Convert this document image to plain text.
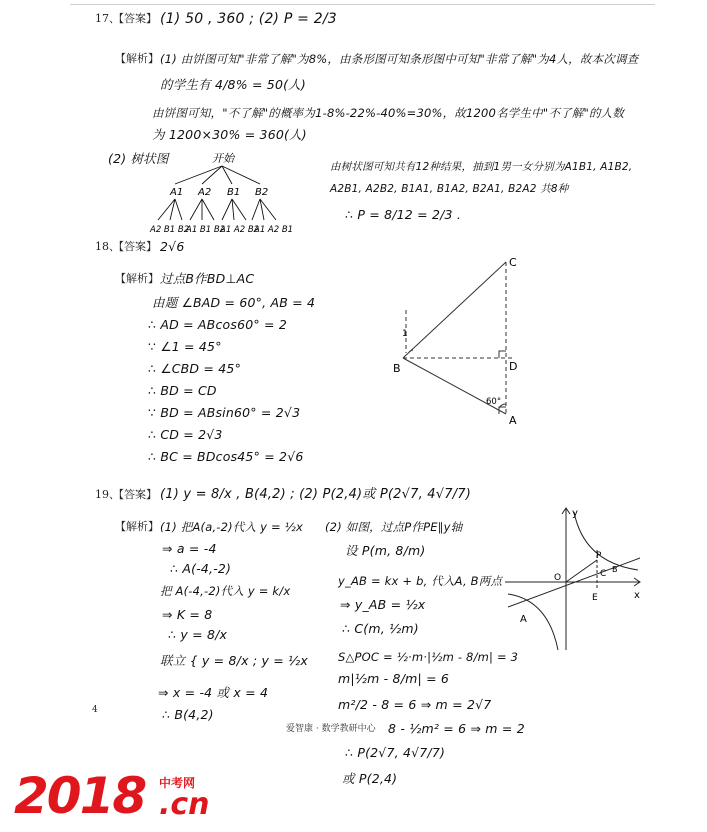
17、
【答案】 (1) 50 , 360 ; (2) P = 2/3
【解析】 (1) 由饼图可知"非常了解"为8%，由条形图可知条形图中可知"非常了解"为4人，故本次调查
的学生有 4/8% = 50(人)
由饼图可知，"不了解"的概率为1-8%-22%-40%=30%，故1200名学生中"不了解"的人数
为 1200×30% = 360(人)
(2) 树状图	开始
A1 A2 B1 B2
A2 B1 B2
A1 B1 B2
A1 A2 B2
A1 A2 B1
由树状图可知共有12种结果，抽到1男一女分别为A1B1, A1B2,
A2B1, A2B2, B1A1, B1A2, B2A1, B2A2 共8种
∴ P = 8/12 = 2/3 .
18、
【答案】 2√6
【解析】 过点B作BD⊥AC
由题 ∠BAD = 60°, AB = 4
∴ AD = ABcos60° = 2
∵ ∠1 = 45°
∴ ∠CBD = 45°
∴ BD = CD
∵ BD = ABsin60° = 2√3
∴ CD = 2√3
∴ BC = BDcos45° = 2√6
C
B	D
A
60°
1
19、
【答案】 (1) y = 8/x , B(4,2) ; (2) P(2,4)或 P(2√7, 4√7/7)
【解析】 (1) 把A(a,-2)代入 y = ½x
⇒ a = -4
∴ A(-4,-2)
把 A(-4,-2)代入 y = k/x
⇒ K = 8
∴ y = 8/x
联立 { y = 8/x ; y = ½x
⇒ x = -4 或 x = 4
∴ B(4,2)
(2) 如图，过点P作PE∥y轴
设 P(m, 8/m)
y_AB = kx + b, 代入A, B两点
⇒ y_AB = ½x
∴ C(m, ½m)
S△POC = ½·m·|½m - 8/m| = 3
m|½m - 8/m| = 6
m²/2 - 8 = 6 ⇒ m = 2√7
8 - ½m² = 6 ⇒ m = 2
∴ P(2√7, 4√7/7)
或 P(2,4)
y
x
O
P
C B
E
A
4
爱智康 · 数学教研中心
2018 中考网
.cn
